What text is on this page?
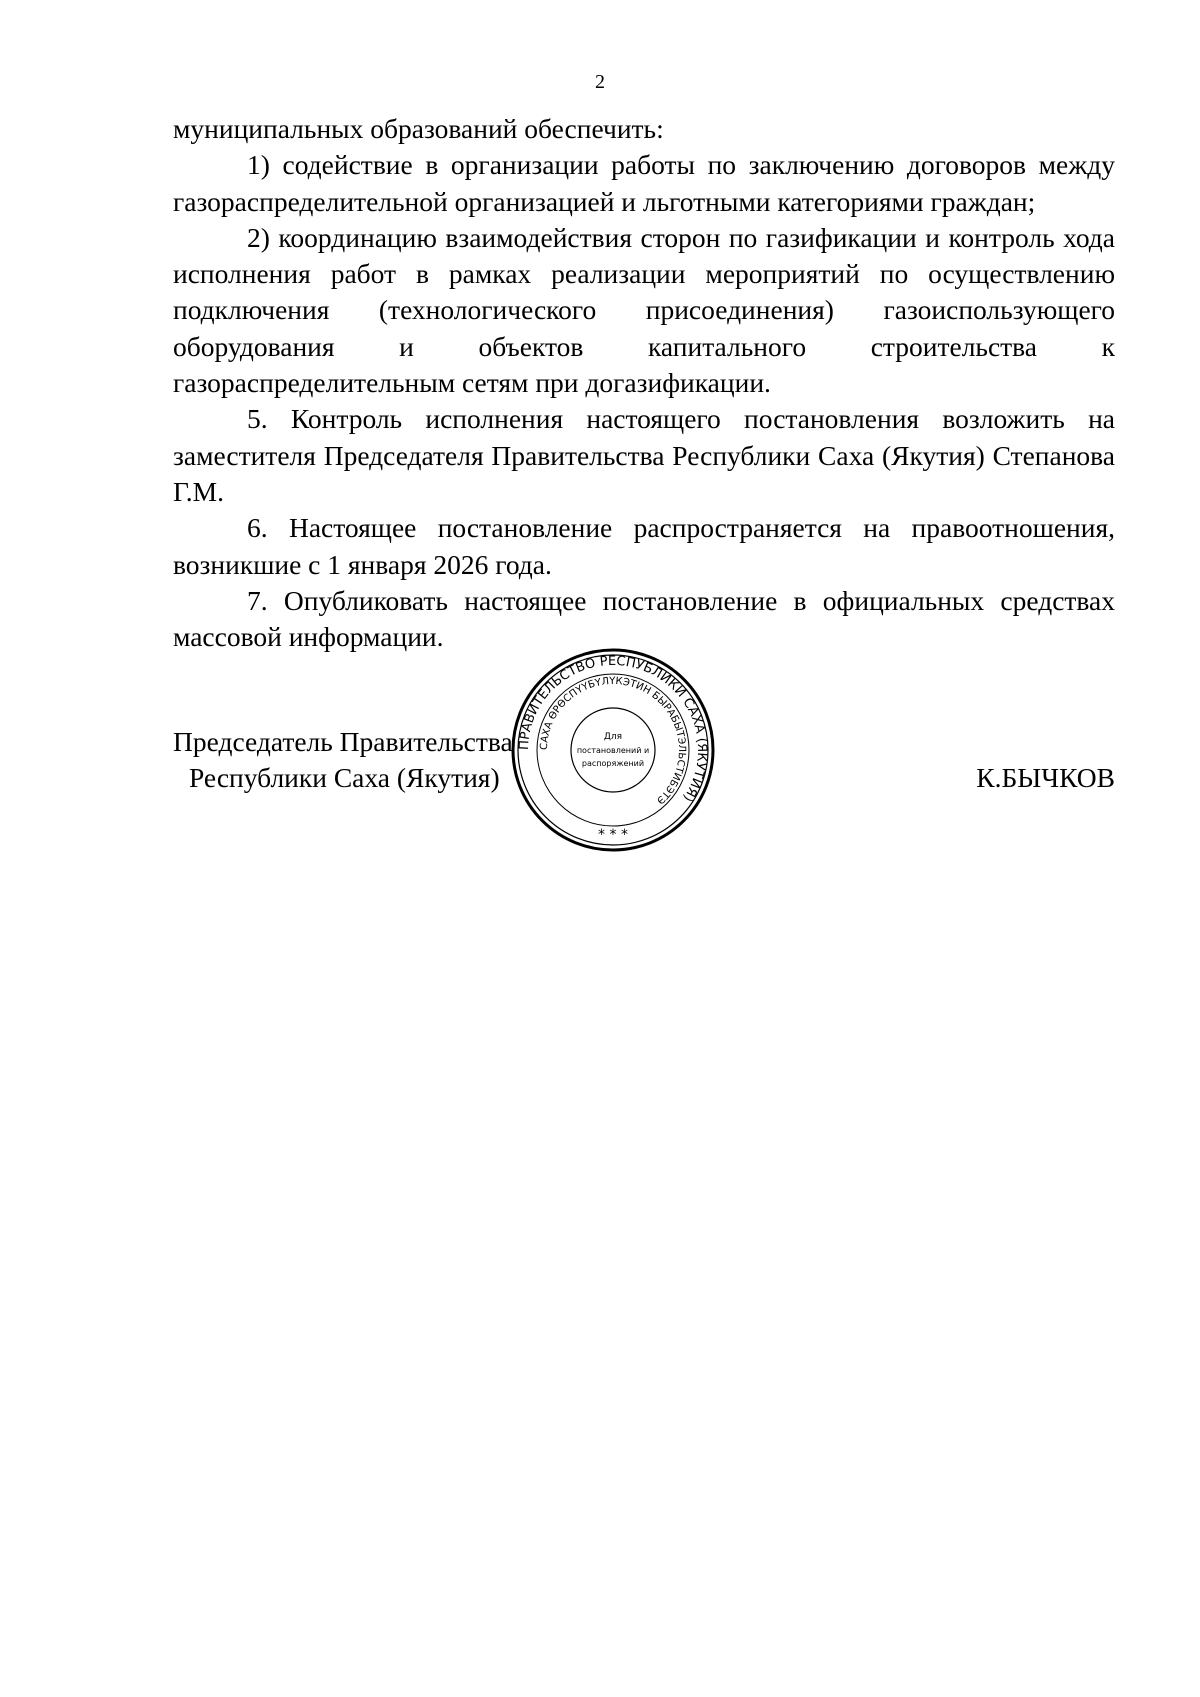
2

муниципальных образований обеспечить:

1) содействие в организации работы по заключению договоров между газораспределительной организацией и льготными категориями граждан;

2) координацию взаимодействия сторон по газификации и контроль хода исполнения работ в рамках реализации мероприятий по осуществлению подключения (технологического присоединения) газоиспользующего оборудования и объектов капитального строительства к газораспределительным сетям при догазификации.

5. Контроль исполнения настоящего постановления возложить на заместителя Председателя Правительства Республики Саха (Якутия) Степанова Г.М.

6. Настоящее постановление распространяется на правоотношения, возникшие с 1 января 2026 года.

7. Опубликовать настоящее постановление в официальных средствах массовой информации.

Председатель Правительства
Республики Саха (Якутия)	К.БЫЧКОВ
ПРАВИТЕЛЬСТВО РЕСПУБЛИКИ САХА (ЯКУТИЯ)
САХА ӨРӨСПҮҮБҮЛҮКЭТИН БЫРАБЫТЭЛЬСТИБЭТЭ
Для
постановлений и
распоряжений
* * *
